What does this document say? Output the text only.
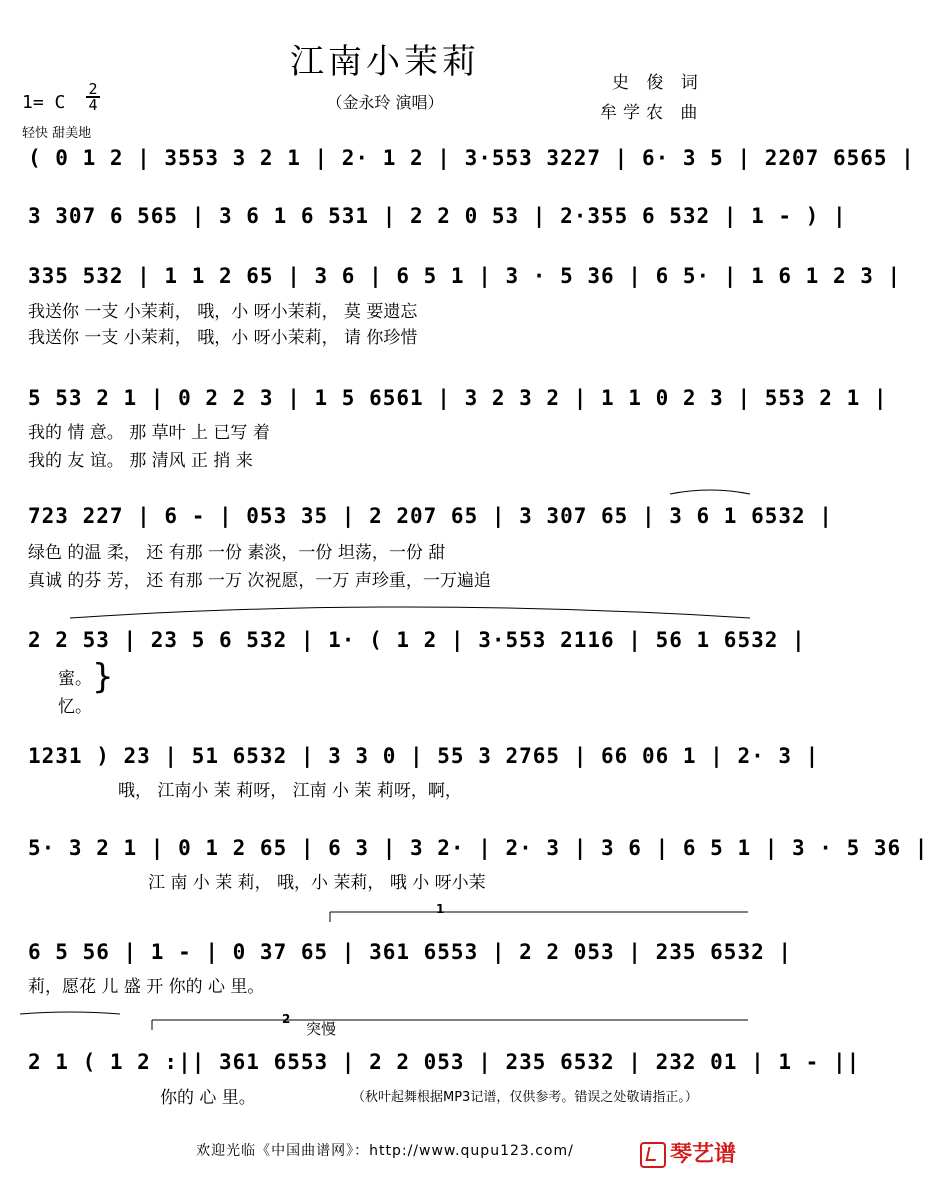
江南小茉莉
（金永玲 演唱）
史 俊 词
牟学农 曲
1= C
2
4
轻快 甜美地
( 0 1 2 | 3553 3 2 1 | 2· 1 2 | 3·553 3227 | 6· 3 5 | 2207 6565 |
3 307 6 565 | 3 6 1 6 531 | 2 2 0 53 | 2·355 6 532 | 1 - ) |
335 532 | 1 1 2 65 | 3 6 | 6 5 1 | 3 · 5 36 | 6 5· | 1 6 1 2 3 |
我送你 一支 小茉莉， 哦，小 呀小茉莉， 莫 要遗忘
我送你 一支 小茉莉， 哦，小 呀小茉莉， 请 你珍惜
5 53 2 1 | 0 2 2 3 | 1 5 6561 | 3 2 3 2 | 1 1 0 2 3 | 553 2 1 |
我的 情 意。 那 草叶 上 已写 着
我的 友 谊。 那 清风 正 捎 来
723 227 | 6 - | 053 35 | 2 207 65 | 3 307 65 | 3 6 1 6532 |
绿色 的温 柔， 还 有那 一份 素淡，一份 坦荡，一份 甜
真诚 的芬 芳， 还 有那 一万 次祝愿，一万 声珍重，一万遍追
2 2 53 | 23 5 6 532 | 1· ( 1 2 | 3·553 2116 | 56 1 6532 |
蜜。
忆。
}
1231 ) 23 | 51 6532 | 3 3 0 | 55 3 2765 | 66 06 1 | 2· 3 |
哦， 江南小 茉 莉呀， 江南 小 茉 莉呀，啊，
5· 3 2 1 | 0 1 2 65 | 6 3 | 3 2· | 2· 3 | 3 6 | 6 5 1 | 3 · 5 36 |
江 南 小 茉 莉， 哦，小 茉莉， 哦 小 呀小茉
1
6 5 56 | 1 - | 0 37 65 | 361 6553 | 2 2 053 | 235 6532 |
莉，愿花 儿 盛 开 你的 心 里。
2
突慢
2 1 ( 1 2 :|| 361 6553 | 2 2 053 | 235 6532 | 232 01 | 1 - ||
你的 心 里。	（秋叶起舞根据MP3记谱，仅供参考。错误之处敬请指正。）
欢迎光临《中国曲谱网》：http://www.qupu123.com/	琴艺谱
